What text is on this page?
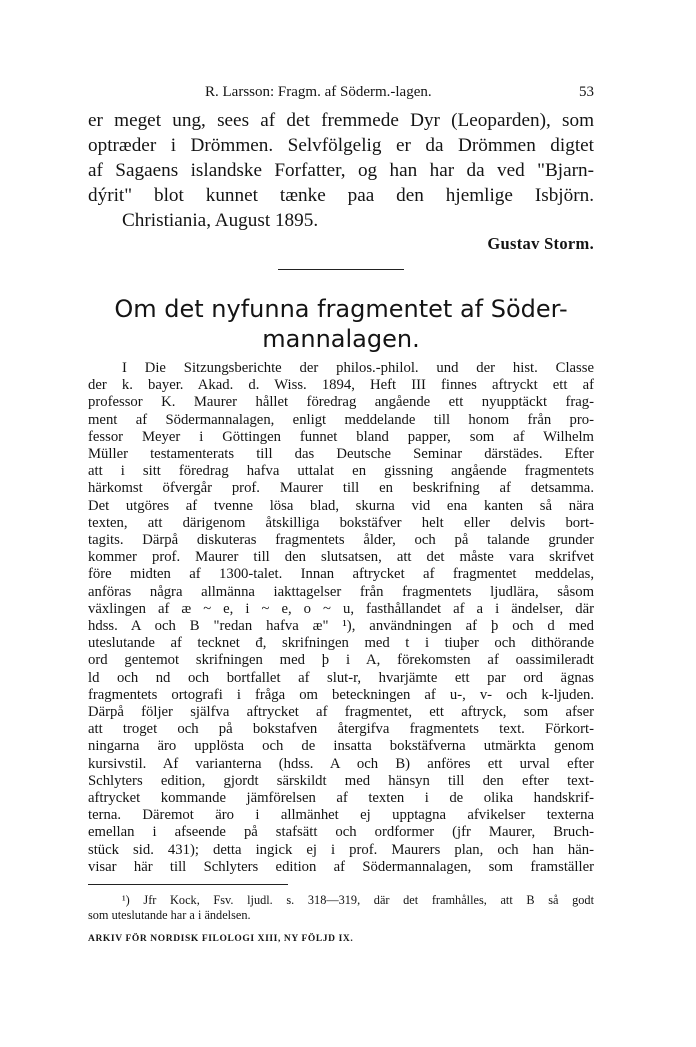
R. Larsson: Fragm. af Söderm.-lagen.	53
er meget ung, sees af det fremmede Dyr (Leoparden), som
optræder i Drömmen. Selvfölgelig er da Drömmen digtet
af Sagaens islandske Forfatter, og han har da ved "Bjarn-
dýrit" blot kunnet tænke paa den hjemlige Isbjörn.

Christiania, August 1895.

Gustav Storm.

Om det nyfunna fragmentet af Söder-
mannalagen.
I Die Sitzungsberichte der philos.-philol. und der hist. Classe
der k. bayer. Akad. d. Wiss. 1894, Heft III finnes aftryckt ett af
professor K. Maurer hållet föredrag angående ett nyupptäckt frag-
ment af Södermannalagen, enligt meddelande till honom från pro-
fessor Meyer i Göttingen funnet bland papper, som af Wilhelm
Müller testamenterats till das Deutsche Seminar därstädes. Efter
att i sitt föredrag hafva uttalat en gissning angående fragmentets
härkomst öfvergår prof. Maurer till en beskrifning af detsamma.
Det utgöres af tvenne lösa blad, skurna vid ena kanten så nära
texten, att därigenom åtskilliga bokstäfver helt eller delvis bort-
tagits. Därpå diskuteras fragmentets ålder, och på talande grunder
kommer prof. Maurer till den slutsatsen, att det måste vara skrifvet
före midten af 1300-talet. Innan aftrycket af fragmentet meddelas,
anföras några allmänna iakttagelser från fragmentets ljudlära, såsom
växlingen af æ ~ e, i ~ e, o ~ u, fasthållandet af a i ändelser, där
hdss. A och B "redan hafva æ" ¹), användningen af þ och d med
uteslutande af tecknet đ, skrifningen med t i tiuþer och dithörande
ord gentemot skrifningen med þ i A, förekomsten af oassimileradt
ld och nd och bortfallet af slut-r, hvarjämte ett par ord ägnas
fragmentets ortografi i fråga om beteckningen af u-, v- och k-ljuden.
Därpå följer själfva aftrycket af fragmentet, ett aftryck, som afser
att troget och på bokstafven återgifva fragmentets text. Förkort-
ningarna äro upplösta och de insatta bokstäfverna utmärkta genom
kursivstil. Af varianterna (hdss. A och B) anföres ett urval efter
Schlyters edition, gjordt särskildt med hänsyn till den efter text-
aftrycket kommande jämförelsen af texten i de olika handskrif-
terna. Däremot äro i allmänhet ej upptagna afvikelser texterna
emellan i afseende på stafsätt och ordformer (jfr Maurer, Bruch-
stück sid. 431); detta ingick ej i prof. Maurers plan, och han hän-
visar här till Schlyters edition af Södermannalagen, som framställer
¹) Jfr Kock, Fsv. ljudl. s. 318—319, där det framhålles, att B så godt
som uteslutande har a i ändelsen.
ARKIV FÖR NORDISK FILOLOGI XIII, NY FÖLJD IX.
